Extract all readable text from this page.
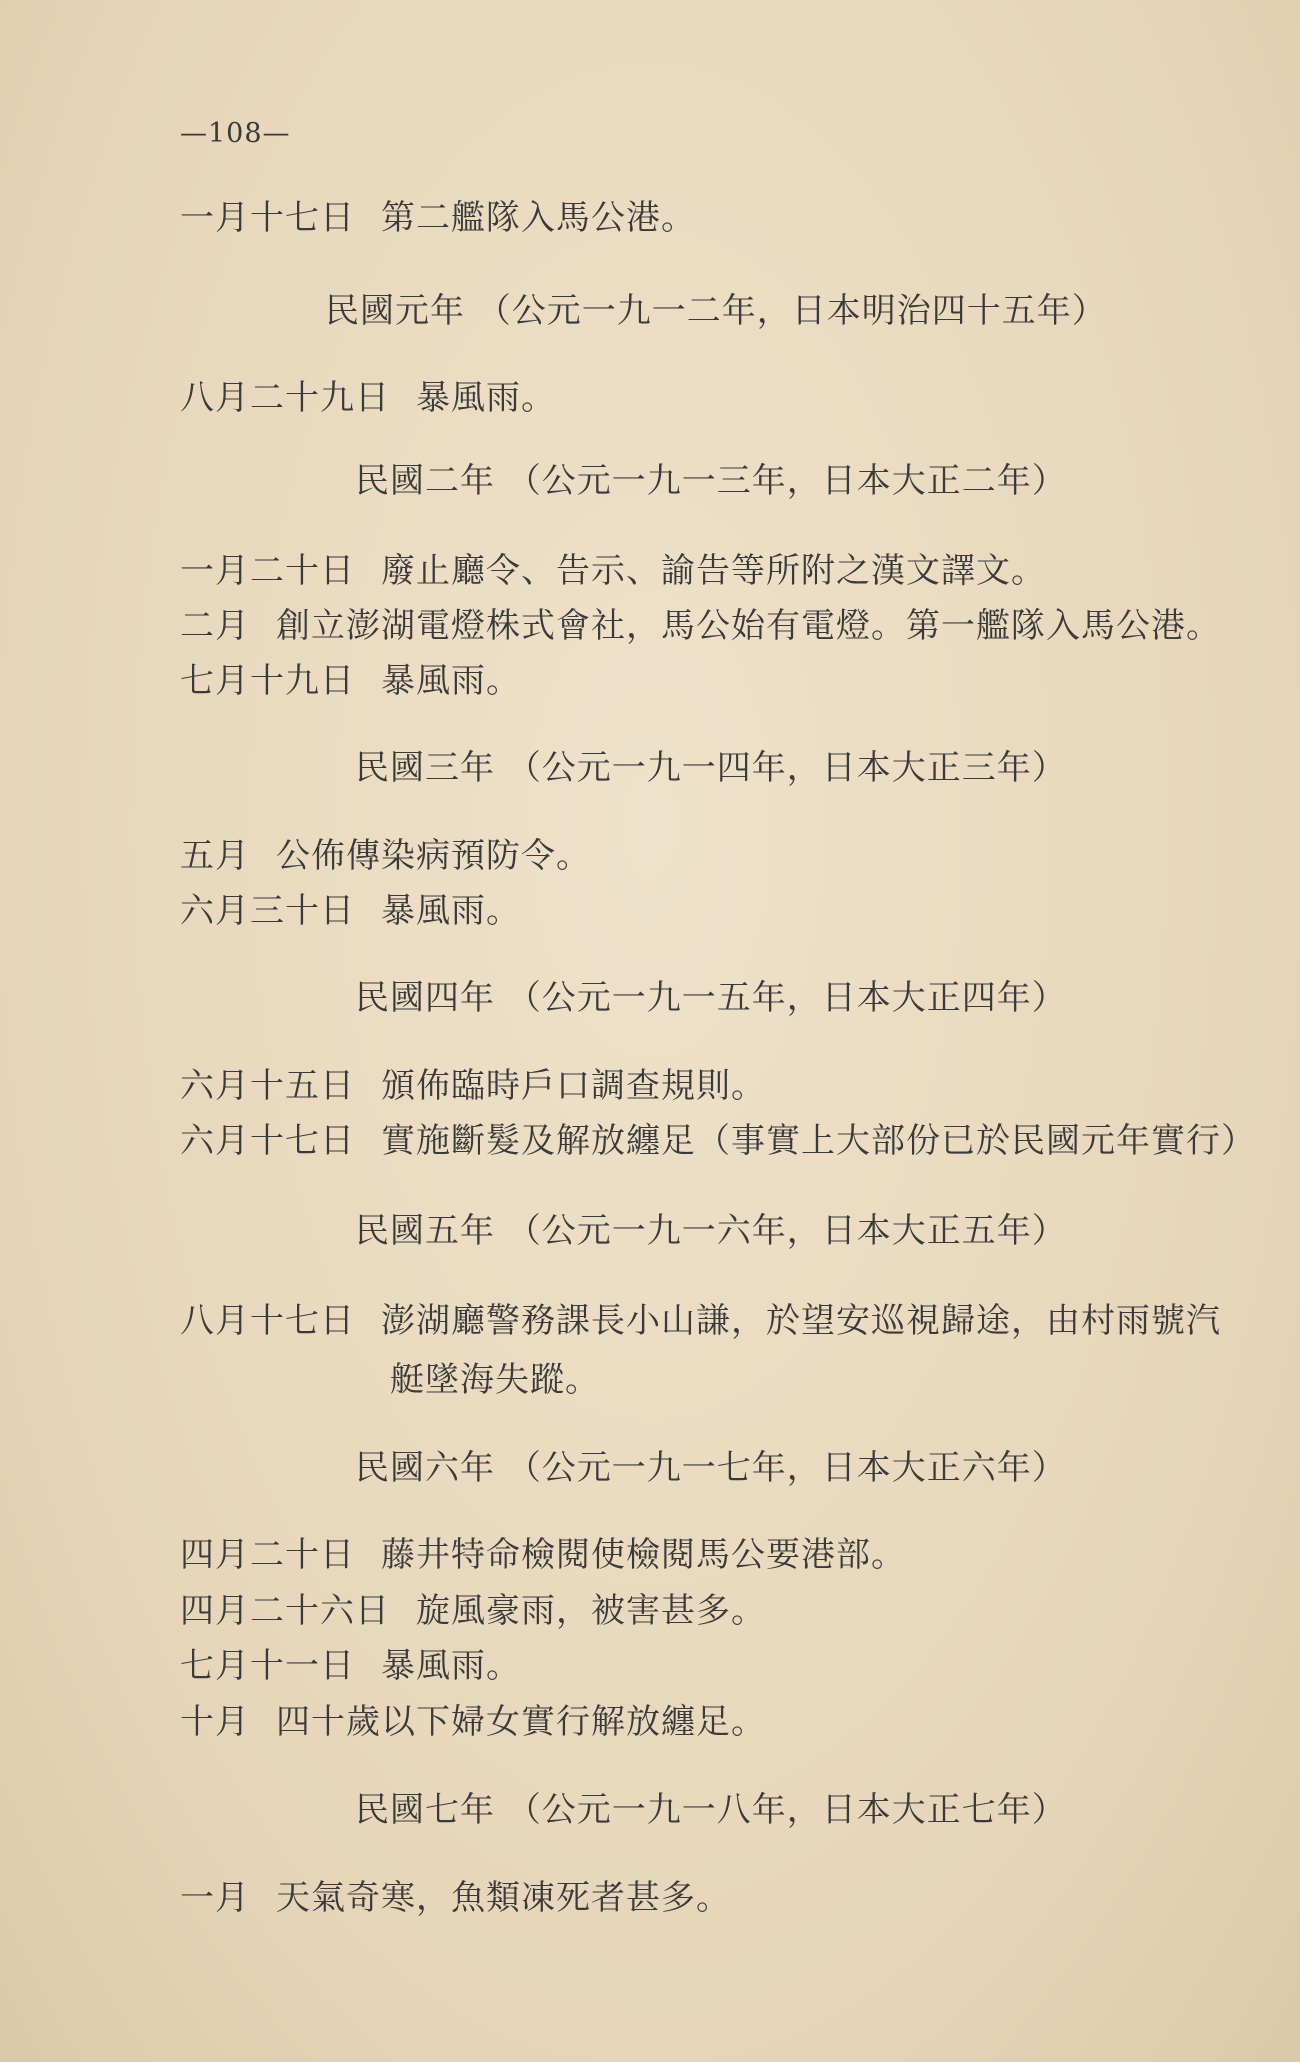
—108—
一月十七日 第二艦隊入馬公港。
民國元年 （公元一九一二年，日本明治四十五年）
八月二十九日 暴風雨。
民國二年 （公元一九一三年，日本大正二年）
一月二十日 廢止廳令、告示、諭告等所附之漢文譯文。
二月 創立澎湖電燈株式會社，馬公始有電燈。第一艦隊入馬公港。
七月十九日 暴風雨。
民國三年 （公元一九一四年，日本大正三年）
五月 公佈傳染病預防令。
六月三十日 暴風雨。
民國四年 （公元一九一五年，日本大正四年）
六月十五日 頒佈臨時戶口調查規則。
六月十七日 實施斷髮及解放纏足（事實上大部份已於民國元年實行）
民國五年 （公元一九一六年，日本大正五年）
八月十七日 澎湖廳警務課長小山謙，於望安巡視歸途，由村雨號汽
艇墜海失蹤。
民國六年 （公元一九一七年，日本大正六年）
四月二十日 藤井特命檢閱使檢閱馬公要港部。
四月二十六日 旋風豪雨，被害甚多。
七月十一日 暴風雨。
十月 四十歲以下婦女實行解放纏足。
民國七年 （公元一九一八年，日本大正七年）
一月 天氣奇寒，魚類凍死者甚多。
